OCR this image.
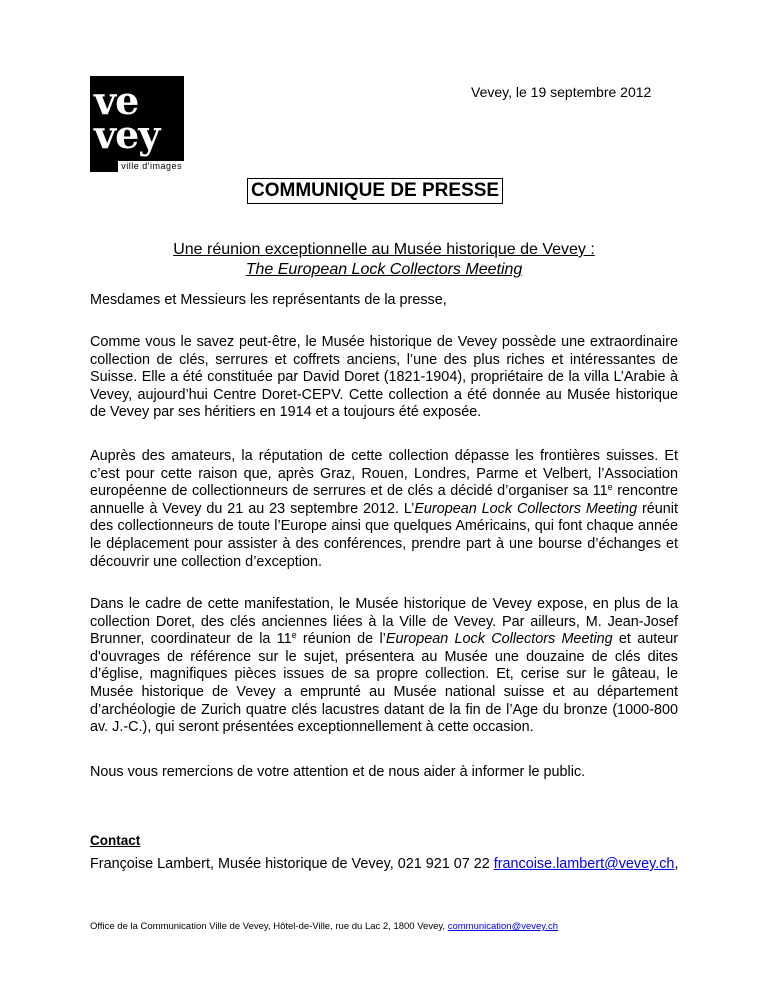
ve
vey
ville d'images
Vevey, le 19 septembre 2012
COMMUNIQUE DE PRESSE
Une réunion exceptionnelle au Musée historique de Vevey :
The European Lock Collectors Meeting
Mesdames et Messieurs les représentants de la presse,
Comme vous le savez peut-être, le Musée historique de Vevey possède une extraordinaire collection de clés, serrures et coffrets anciens, l’une des plus riches et intéressantes de Suisse. Elle a été constituée par David Doret (1821-1904), propriétaire de la villa L’Arabie à Vevey, aujourd’hui Centre Doret-CEPV. Cette collection a été donnée au Musée historique de Vevey par ses héritiers en 1914 et a toujours été exposée.
Auprès des amateurs, la réputation de cette collection dépasse les frontières suisses. Et c’est pour cette raison que, après Graz, Rouen, Londres, Parme et Velbert, l’Association européenne de collectionneurs de serrures et de clés a décidé d’organiser sa 11e rencontre annuelle à Vevey du 21 au 23 septembre 2012. L’European Lock Collectors Meeting réunit des collectionneurs de toute l’Europe ainsi que quelques Américains, qui font chaque année le déplacement pour assister à des conférences, prendre part à une bourse d’échanges et découvrir une collection d’exception.
Dans le cadre de cette manifestation, le Musée historique de Vevey expose, en plus de la collection Doret, des clés anciennes liées à la Ville de Vevey. Par ailleurs, M. Jean-Josef Brunner, coordinateur de la 11e réunion de l’European Lock Collectors Meeting et auteur d'ouvrages de référence sur le sujet, présentera au Musée une douzaine de clés dites d’église, magnifiques pièces issues de sa propre collection. Et, cerise sur le gâteau, le Musée historique de Vevey a emprunté au Musée national suisse et au département d’archéologie de Zurich quatre clés lacustres datant de la fin de l’Age du bronze (1000-800 av. J.-C.), qui seront présentées exceptionnellement à cette occasion.
Nous vous remercions de votre attention et de nous aider à informer le public.
Contact
Françoise Lambert, Musée historique de Vevey, 021 921 07 22 francoise.lambert@vevey.ch,
Office de la Communication Ville de Vevey, Hôtel-de-Ville, rue du Lac 2, 1800 Vevey, communication@vevey.ch
